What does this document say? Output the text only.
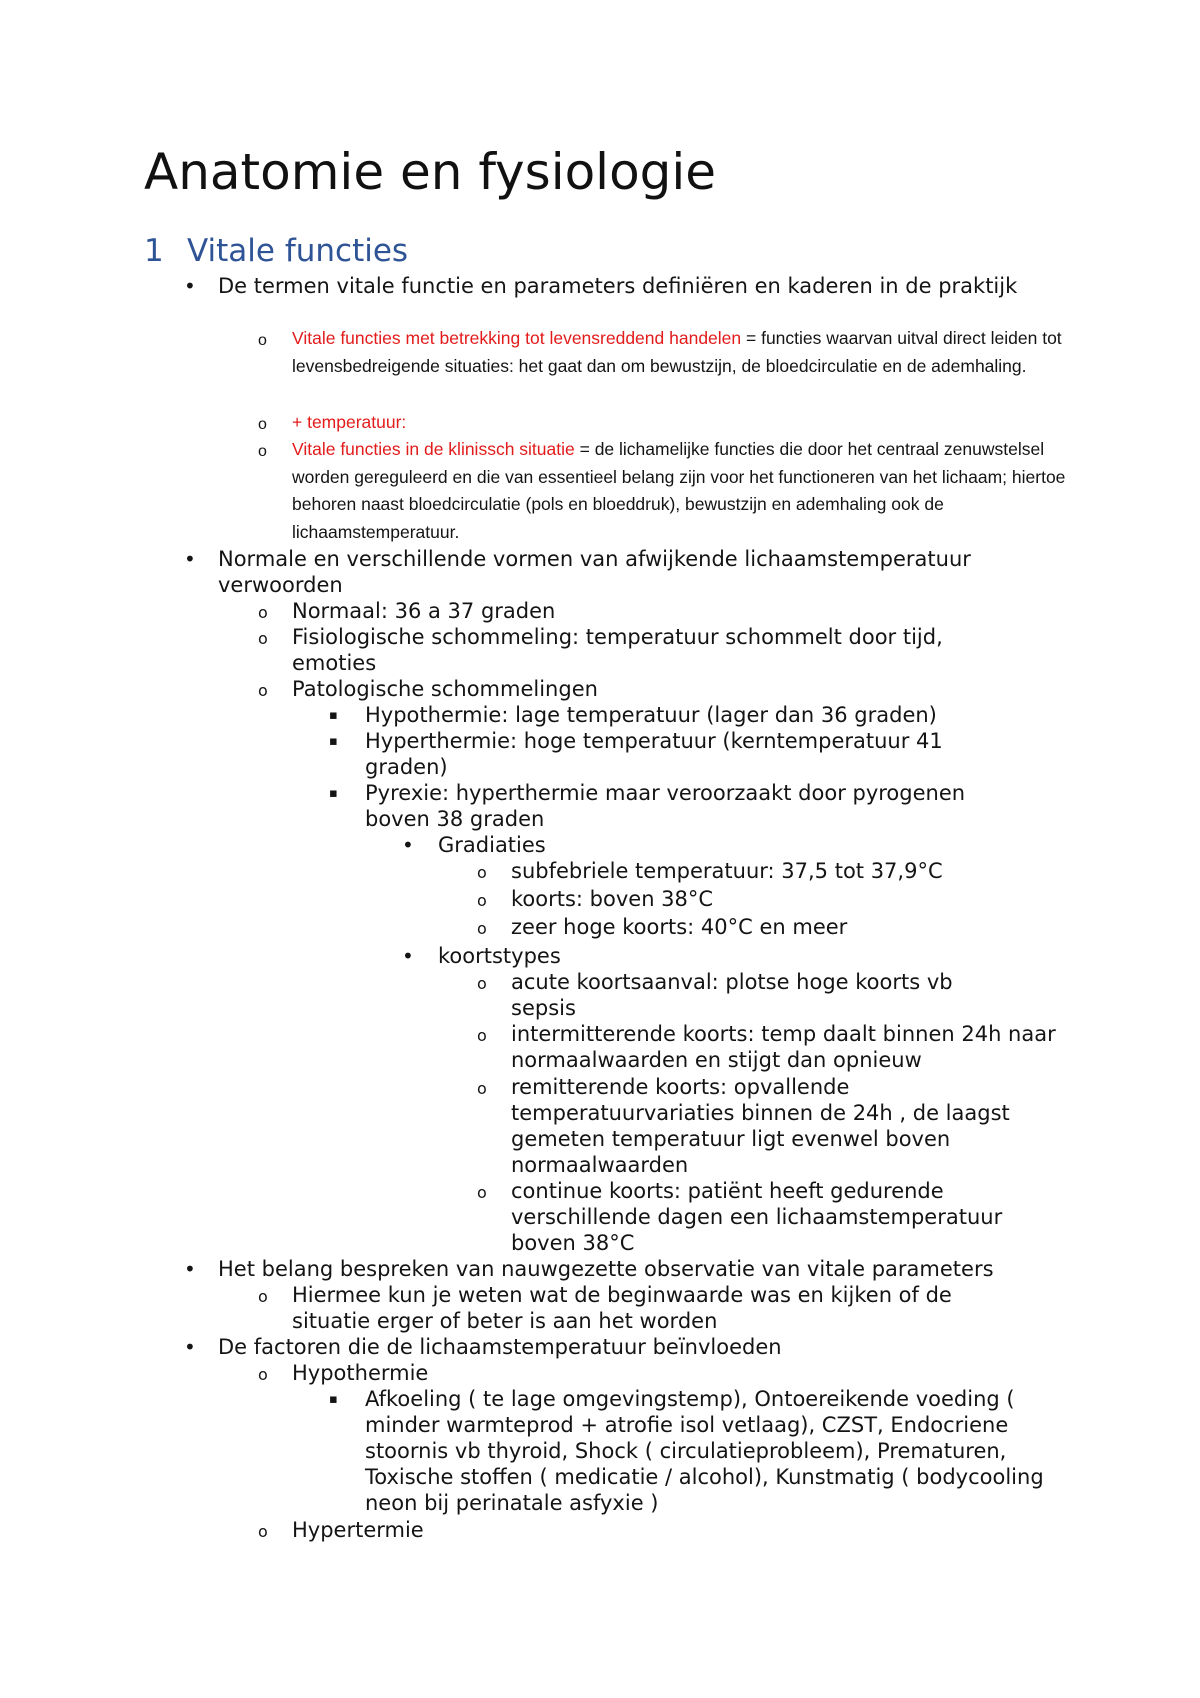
Anatomie en fysiologie
1 Vitale functies
• De termen vitale functie en parameters definiëren en kaderen in de praktijk
o Vitale functies met betrekking tot levensreddend handelen = functies waarvan uitval direct leiden tot levensbedreigende situaties: het gaat dan om bewustzijn, de bloedcirculatie en de ademhaling.
o + temperatuur:
o Vitale functies in de klinissch situatie = de lichamelijke functies die door het centraal zenuwstelsel worden gereguleerd en die van essentieel belang zijn voor het functioneren van het lichaam; hiertoe behoren naast bloedcirculatie (pols en bloeddruk), bewustzijn en ademhaling ook de lichaamstemperatuur.
• Normale en verschillende vormen van afwijkende lichaamstemperatuur verwoorden
o Normaal: 36 a 37 graden
o Fisiologische schommeling: temperatuur schommelt door tijd, emoties
o Patologische schommelingen
▪ Hypothermie: lage temperatuur (lager dan 36 graden)
▪ Hyperthermie: hoge temperatuur (kerntemperatuur 41 graden)
▪ Pyrexie: hyperthermie maar veroorzaakt door pyrogenen boven 38 graden
• Gradiaties
o subfebriele temperatuur: 37,5 tot 37,9°C
o koorts: boven 38°C
o zeer hoge koorts: 40°C en meer
• koortstypes
o acute koortsaanval: plotse hoge koorts vb sepsis
o intermitterende koorts: temp daalt binnen 24h naar normaalwaarden en stijgt dan opnieuw
o remitterende koorts: opvallende temperatuurvariaties binnen de 24h , de laagst gemeten temperatuur ligt evenwel boven normaalwaarden
o continue koorts: patiënt heeft gedurende verschillende dagen een lichaamstemperatuur boven 38°C
• Het belang bespreken van nauwgezette observatie van vitale parameters
o Hiermee kun je weten wat de beginwaarde was en kijken of de situatie erger of beter is aan het worden
• De factoren die de lichaamstemperatuur beïnvloeden
o Hypothermie
▪ Afkoeling ( te lage omgevingstemp), Ontoereikende voeding ( minder warmteprod + atrofie isol vetlaag), CZST, Endocriene stoornis vb thyroid, Shock ( circulatieprobleem), Prematuren, Toxische stoffen ( medicatie / alcohol), Kunstmatig ( bodycooling neon bij perinatale asfyxie )
o Hypertermie
